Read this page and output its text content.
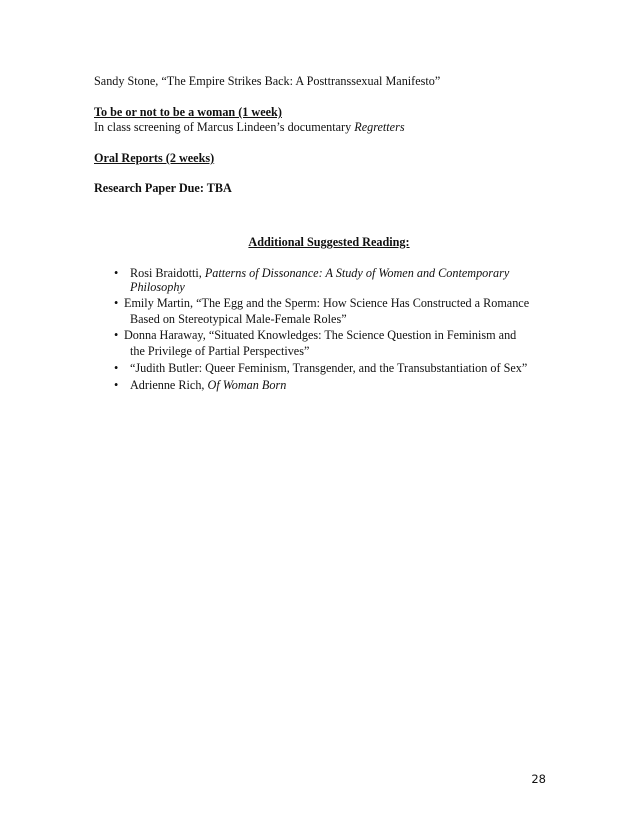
Sandy Stone, “The Empire Strikes Back: A Posttranssexual Manifesto”
To be or not to be a woman (1 week)
In class screening of Marcus Lindeen’s documentary Regretters
Oral Reports (2 weeks)
Research Paper Due: TBA
Additional Suggested Reading:
• Rosi Braidotti, Patterns of Dissonance: A Study of Women and Contemporary
Philosophy
• Emily Martin, “The Egg and the Sperm: How Science Has Constructed a Romance
Based on Stereotypical Male-Female Roles”
• Donna Haraway, “Situated Knowledges: The Science Question in Feminism and
the Privilege of Partial Perspectives”
• “Judith Butler: Queer Feminism, Transgender, and the Transubstantiation of Sex”
• Adrienne Rich, Of Woman Born
28
